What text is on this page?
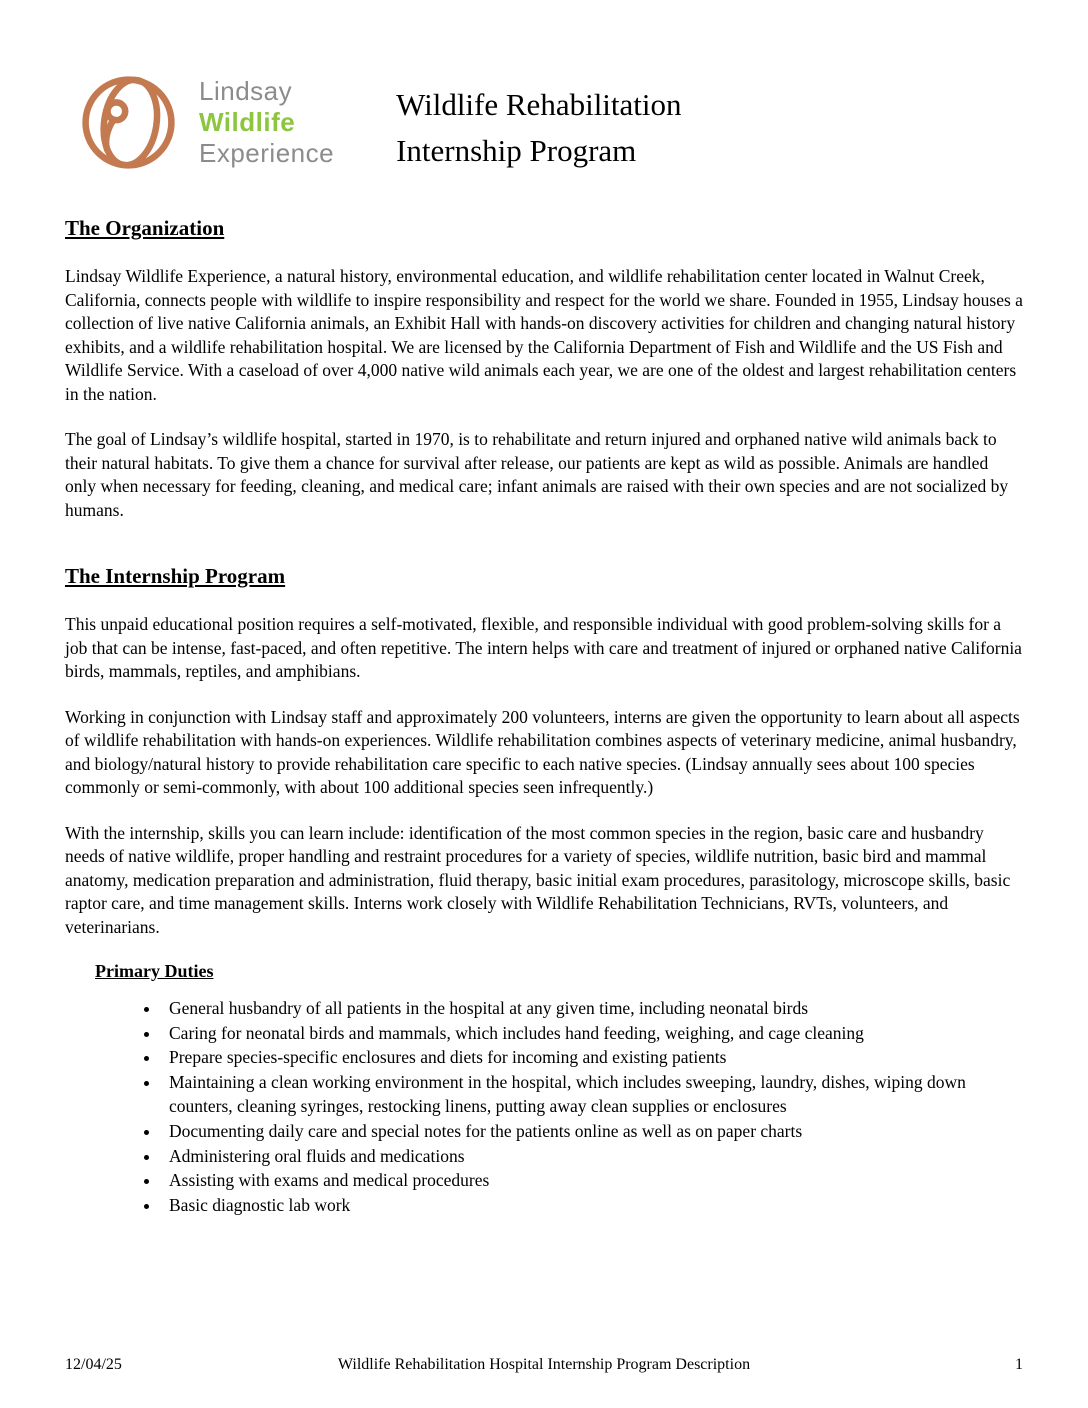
Lindsay
Wildlife
Experience
Wildlife Rehabilitation
Internship Program
The Organization

Lindsay Wildlife Experience, a natural history, environmental education, and wildlife rehabilitation center located in Walnut Creek, California, connects people with wildlife to inspire responsibility and respect for the world we share. Founded in 1955, Lindsay houses a collection of live native California animals, an Exhibit Hall with hands-on discovery activities for children and changing natural history exhibits, and a wildlife rehabilitation hospital. We are licensed by the California Department of Fish and Wildlife and the US Fish and Wildlife Service. With a caseload of over 4,000 native wild animals each year, we are one of the oldest and largest rehabilitation centers in the nation.

The goal of Lindsay’s wildlife hospital, started in 1970, is to rehabilitate and return injured and orphaned native wild animals back to their natural habitats. To give them a chance for survival after release, our patients are kept as wild as possible. Animals are handled only when necessary for feeding, cleaning, and medical care; infant animals are raised with their own species and are not socialized by humans.

The Internship Program

This unpaid educational position requires a self-motivated, flexible, and responsible individual with good problem-solving skills for a job that can be intense, fast-paced, and often repetitive. The intern helps with care and treatment of injured or orphaned native California birds, mammals, reptiles, and amphibians.

Working in conjunction with Lindsay staff and approximately 200 volunteers, interns are given the opportunity to learn about all aspects of wildlife rehabilitation with hands-on experiences. Wildlife rehabilitation combines aspects of veterinary medicine, animal husbandry, and biology/natural history to provide rehabilitation care specific to each native species. (Lindsay annually sees about 100 species commonly or semi-commonly, with about 100 additional species seen infrequently.)

With the internship, skills you can learn include: identification of the most common species in the region, basic care and husbandry needs of native wildlife, proper handling and restraint procedures for a variety of species, wildlife nutrition, basic bird and mammal anatomy, medication preparation and administration, fluid therapy, basic initial exam procedures, parasitology, microscope skills, basic raptor care, and time management skills. Interns work closely with Wildlife Rehabilitation Technicians, RVTs, volunteers, and veterinarians.

Primary Duties
• General husbandry of all patients in the hospital at any given time, including neonatal birds
• Caring for neonatal birds and mammals, which includes hand feeding, weighing, and cage cleaning
• Prepare species-specific enclosures and diets for incoming and existing patients
• Maintaining a clean working environment in the hospital, which includes sweeping, laundry, dishes, wiping down counters, cleaning syringes, restocking linens, putting away clean supplies or enclosures
• Documenting daily care and special notes for the patients online as well as on paper charts
• Administering oral fluids and medications
• Assisting with exams and medical procedures
• Basic diagnostic lab work
12/04/25	Wildlife Rehabilitation Hospital Internship Program Description	1
